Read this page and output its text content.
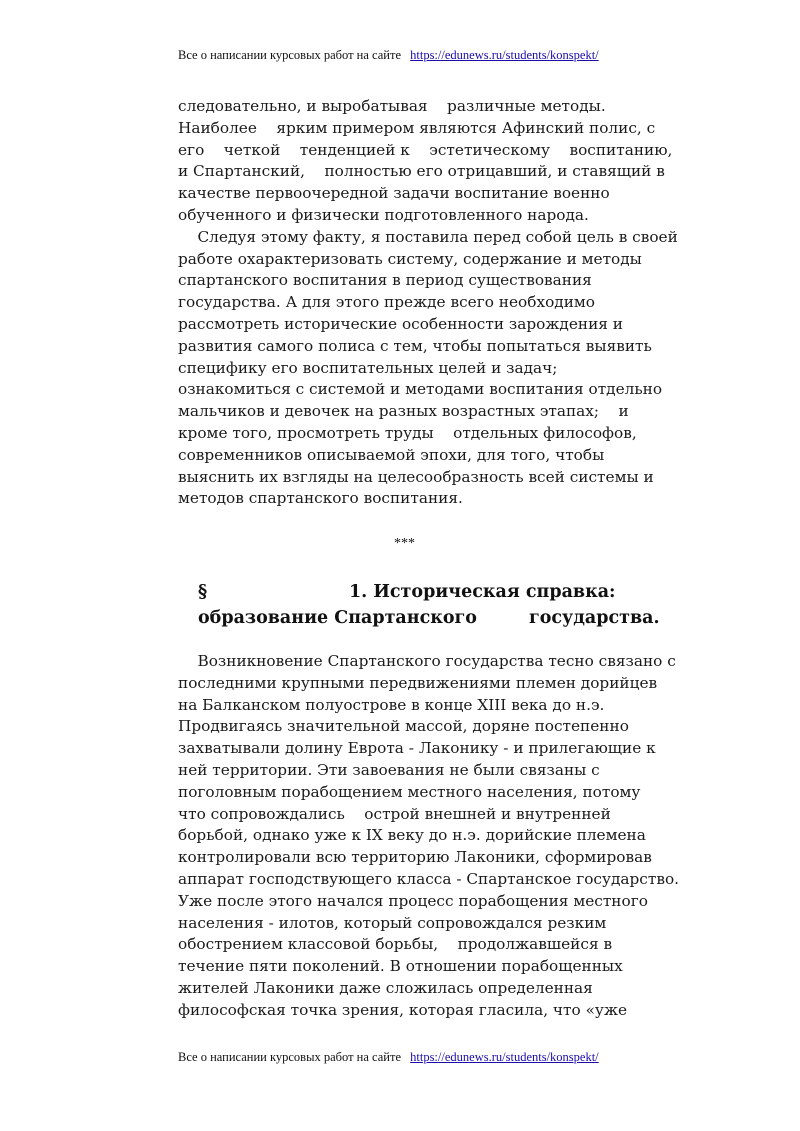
Все о написании курсовых работ на сайте https://edunews.ru/students/konspekt/
следовательно, и выробатывая    различные методы.
Наиболее    ярким примером являются Афинский полис, с
его    четкой    тенденцией к    эстетическому    воспитанию,
и Спартанский,    полностью его отрицавший, и ставящий в
качестве первоочередной задачи воспитание военно
обученного и физически подготовленного народа.
Следуя этому факту, я поставила перед собой цель в своей
работе охарактеризовать систему, содержание и методы
спартанского воспитания в период существования
государства. А для этого прежде всего необходимо
рассмотреть исторические особенности зарождения и
развития самого полиса с тем, чтобы попытаться выявить
специфику его воспитательных целей и задач;
ознакомиться с системой и методами воспитания отдельно
мальчиков и девочек на разных возрастных этапах;    и
кроме того, просмотреть труды    отдельных философов,
современников описываемой эпохи, для того, чтобы
выяснить их взгляды на целесообразность всей системы и
методов спартанского воспитания.
***
§	1. Историческая справка:
образование Спартанского	государства.
Возникновение Спартанского государства тесно связано с
последними крупными передвижениями племен дорийцев
на Балканском полуострове в конце XIII века до н.э.
Продвигаясь значительной массой, доряне постепенно
захватывали долину Еврота - Лаконику - и прилегающие к
ней территории. Эти завоевания не были связаны с
поголовным порабощением местного населения, потому
что сопровождались    острой внешней и внутренней
борьбой, однако уже к IX веку до н.э. дорийские племена
контролировали всю территорию Лаконики, сформировав
аппарат господствующего класса - Спартанское государство.
Уже после этого начался процесс порабощения местного
населения - илотов, который сопровождался резким
обострением классовой борьбы,    продолжавшейся в
течение пяти поколений. В отношении порабощенных
жителей Лаконики даже сложилась определенная
философская точка зрения, которая гласила, что «уже
Все о написании курсовых работ на сайте https://edunews.ru/students/konspekt/
